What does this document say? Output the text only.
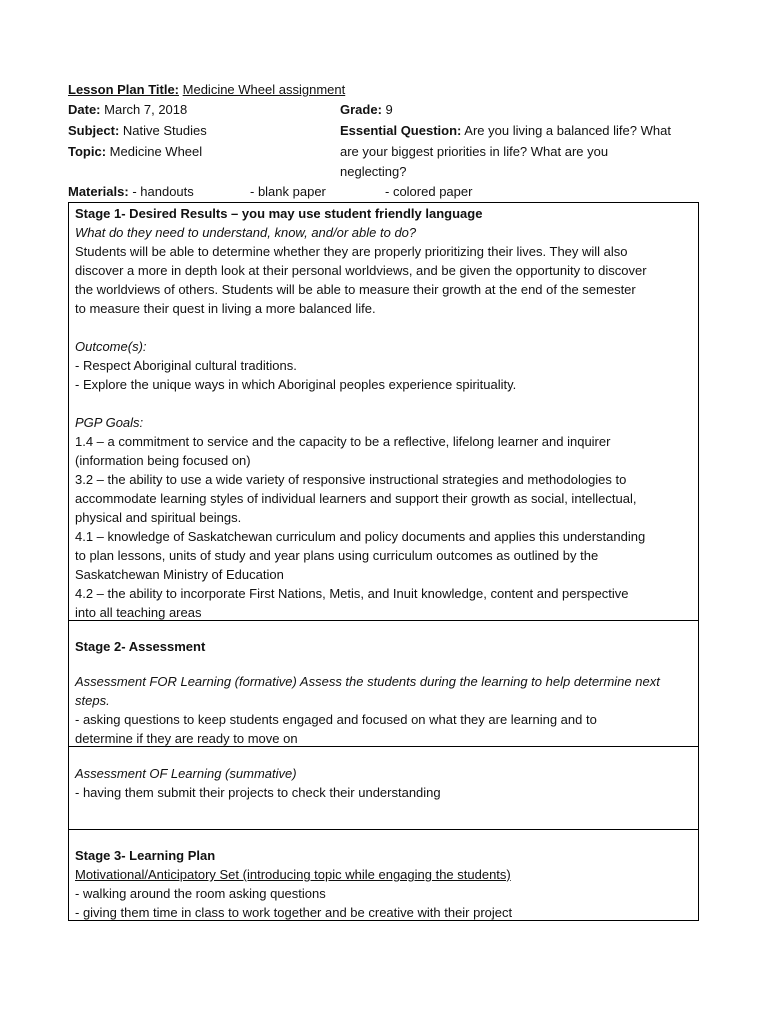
Lesson Plan Title: Medicine Wheel assignment
Date: March 7, 2018	Grade: 9
Subject: Native Studies	Essential Question: Are you living a balanced life? What
Topic: Medicine Wheel	are your biggest priorities in life? What are you
neglecting?
Materials: - handouts	- blank paper	- colored paper

Stage 1- Desired Results – you may use student friendly language

What do they need to understand, know, and/or able to do?

Students will be able to determine whether they are properly prioritizing their lives. They will also

discover a more in depth look at their personal worldviews, and be given the opportunity to discover

the worldviews of others. Students will be able to measure their growth at the end of the semester

to measure their quest in living a more balanced life.

Outcome(s):

- Respect Aboriginal cultural traditions.

- Explore the unique ways in which Aboriginal peoples experience spirituality.

PGP Goals:

1.4 – a commitment to service and the capacity to be a reflective, lifelong learner and inquirer

(information being focused on)

3.2 – the ability to use a wide variety of responsive instructional strategies and methodologies to

accommodate learning styles of individual learners and support their growth as social, intellectual,

physical and spiritual beings.

4.1 – knowledge of Saskatchewan curriculum and policy documents and applies this understanding

to plan lessons, units of study and year plans using curriculum outcomes as outlined by the

Saskatchewan Ministry of Education

4.2 – the ability to incorporate First Nations, Metis, and Inuit knowledge, content and perspective

into all teaching areas

Stage 2- Assessment

Assessment FOR Learning (formative) Assess the students during the learning to help determine next

steps.

- asking questions to keep students engaged and focused on what they are learning and to

determine if they are ready to move on

Assessment OF Learning (summative)

- having them submit their projects to check their understanding

Stage 3- Learning Plan

Motivational/Anticipatory Set (introducing topic while engaging the students)

- walking around the room asking questions

- giving them time in class to work together and be creative with their project
